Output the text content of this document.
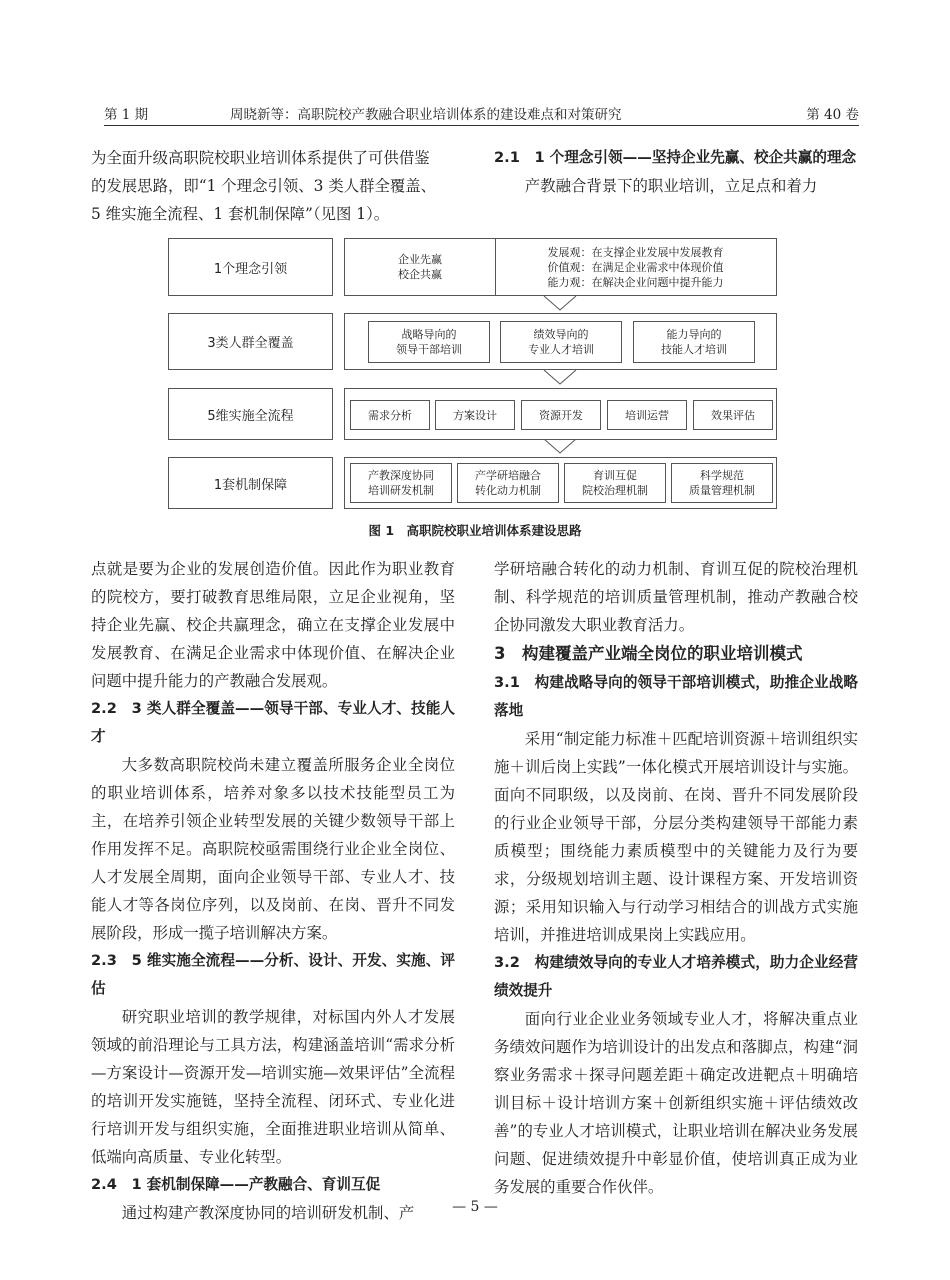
第 1 期	周晓新等：高职院校产教融合职业培训体系的建设难点和对策研究	第 40 卷

为全面升级高职院校职业培训体系提供了可供借鉴

的发展思路，即“1 个理念引领、3 类人群全覆盖、

5 维实施全流程、1 套机制保障”（见图 1）。

2.1　1 个理念引领——坚持企业先赢、校企共赢的理念

产教融合背景下的职业培训，立足点和着力

1个理念引领
企业先赢
校企共赢
发展观：在支撑企业发展中发展教育
价值观：在满足企业需求中体现价值
能力观：在解决企业问题中提升能力
3类人群全覆盖
战略导向的
领导干部培训
绩效导向的
专业人才培训
能力导向的
技能人才培训
5维实施全流程	需求分析	方案设计	资源开发	培训运营	效果评估
1套机制保障
产教深度协同
培训研发机制
产学研培融合
转化动力机制
育训互促
院校治理机制
科学规范
质量管理机制
图 1　高职院校职业培训体系建设思路

点就是要为企业的发展创造价值。因此作为职业教育的院校方，要打破教育思维局限，立足企业视角，坚持企业先赢、校企共赢理念，确立在支撑企业发展中发展教育、在满足企业需求中体现价值、在解决企业问题中提升能力的产教融合发展观。

2.2　3 类人群全覆盖——领导干部、专业人才、技能人才

大多数高职院校尚未建立覆盖所服务企业全岗位的职业培训体系，培养对象多以技术技能型员工为主，在培养引领企业转型发展的关键少数领导干部上作用发挥不足。高职院校亟需围绕行业企业全岗位、人才发展全周期，面向企业领导干部、专业人才、技能人才等各岗位序列，以及岗前、在岗、晋升不同发展阶段，形成一揽子培训解决方案。

2.3　5 维实施全流程——分析、设计、开发、实施、评估

研究职业培训的教学规律，对标国内外人才发展领域的前沿理论与工具方法，构建涵盖培训“需求分析—方案设计—资源开发—培训实施—效果评估”全流程的培训开发实施链，坚持全流程、闭环式、专业化进行培训开发与组织实施，全面推进职业培训从简单、低端向高质量、专业化转型。

2.4　1 套机制保障——产教融合、育训互促

通过构建产教深度协同的培训研发机制、产

学研培融合转化的动力机制、育训互促的院校治理机制、科学规范的培训质量管理机制，推动产教融合校企协同激发大职业教育活力。

3　构建覆盖产业端全岗位的职业培训模式

3.1　构建战略导向的领导干部培训模式，助推企业战略落地

采用“制定能力标准＋匹配培训资源＋培训组织实施＋训后岗上实践”一体化模式开展培训设计与实施。面向不同职级，以及岗前、在岗、晋升不同发展阶段的行业企业领导干部，分层分类构建领导干部能力素质模型；围绕能力素质模型中的关键能力及行为要求，分级规划培训主题、设计课程方案、开发培训资源；采用知识输入与行动学习相结合的训战方式实施培训，并推进培训成果岗上实践应用。

3.2　构建绩效导向的专业人才培养模式，助力企业经营绩效提升

面向行业企业业务领域专业人才，将解决重点业务绩效问题作为培训设计的出发点和落脚点，构建“洞察业务需求＋探寻问题差距＋确定改进靶点＋明确培训目标＋设计培训方案＋创新组织实施＋评估绩效改善”的专业人才培训模式，让职业培训在解决业务发展问题、促进绩效提升中彰显价值，使培训真正成为业务发展的重要合作伙伴。

— 5 —
